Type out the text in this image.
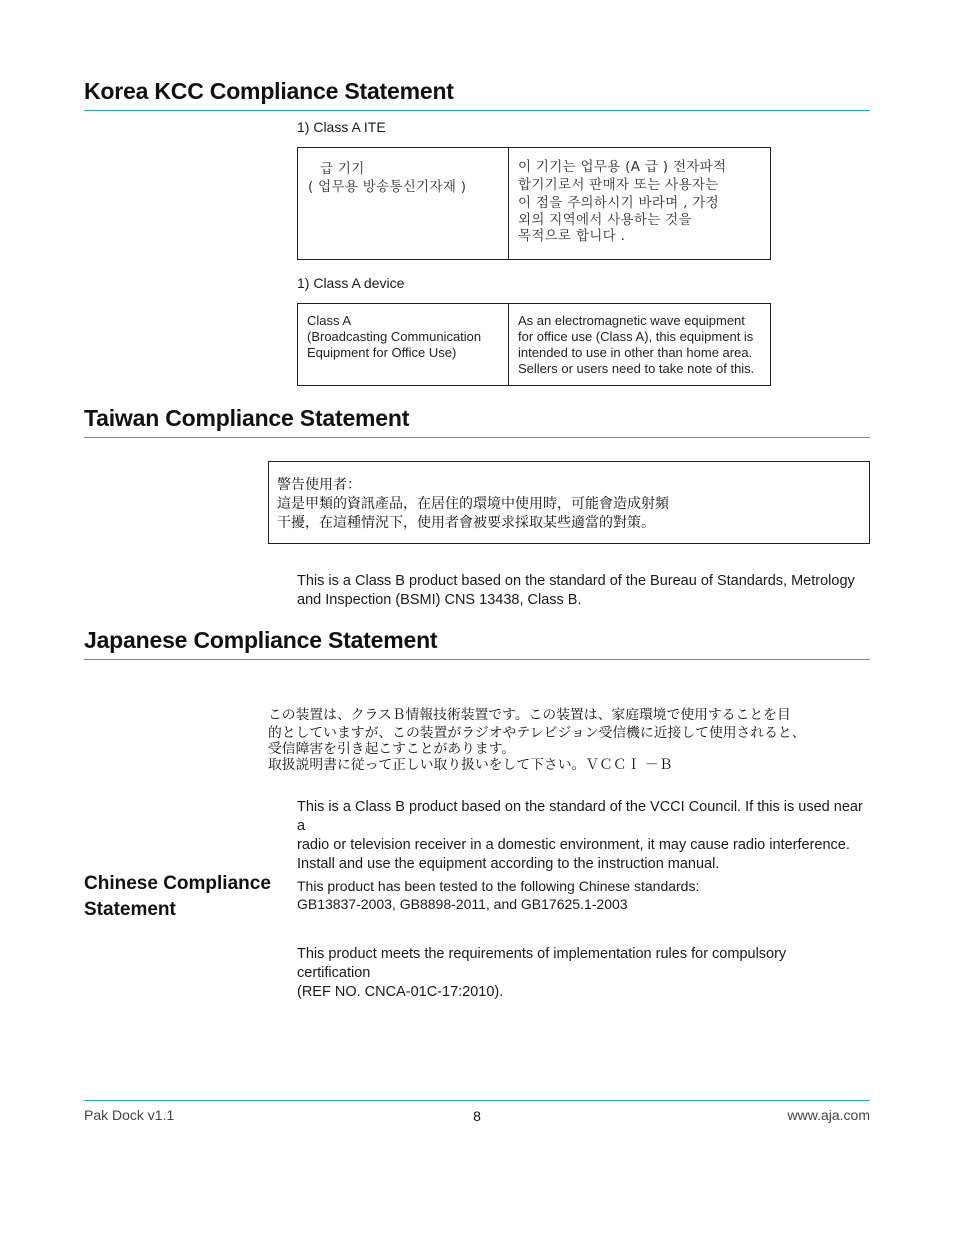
Korea KCC Compliance Statement
1) Class A ITE
급 기기
( 업무용 방송통신기자재 )

이 기기는 업무용 (A 급 ) 전자파적
합기기로서 판매자 또는 사용자는
이 점을 주의하시기 바라며 , 가정
외의 지역에서 사용하는 것을
목적으로 합니다 .
1) Class A device
Class A
(Broadcasting Communication
Equipment for Office Use)

As an electromagnetic wave equipment
for office use (Class A), this equipment is
intended to use in other than home area.
Sellers or users need to take note of this.
Taiwan Compliance Statement
警告使用者：
這是甲類的資訊產品，在居住的環境中使用時，可能會造成射頻
干擾，在這種情況下，使用者會被要求採取某些適當的對策。
This is a Class B product based on the standard of the Bureau of Standards, Metrology
and Inspection (BSMI) CNS 13438, Class B.
Japanese Compliance Statement
この装置は、クラスＢ情報技術装置です。この装置は、家庭環境で使用することを目
的としていますが、この装置がラジオやテレビジョン受信機に近接して使用されると、
受信障害を引き起こすことがあります。
取扱説明書に従って正しい取り扱いをして下さい。ＶＣＣＩ －Ｂ
This is a Class B product based on the standard of the VCCI Council. If this is used near a
radio or television receiver in a domestic environment, it may cause radio interference.
Install and use the equipment according to the instruction manual.
Chinese Compliance
Statement
This product has been tested to the following Chinese standards:
GB13837-2003, GB8898-2011, and GB17625.1-2003
This product meets the requirements of implementation rules for compulsory
certification
(REF NO. CNCA-01C-17:2010).
Pak Dock v1.1	8	www.aja.com
